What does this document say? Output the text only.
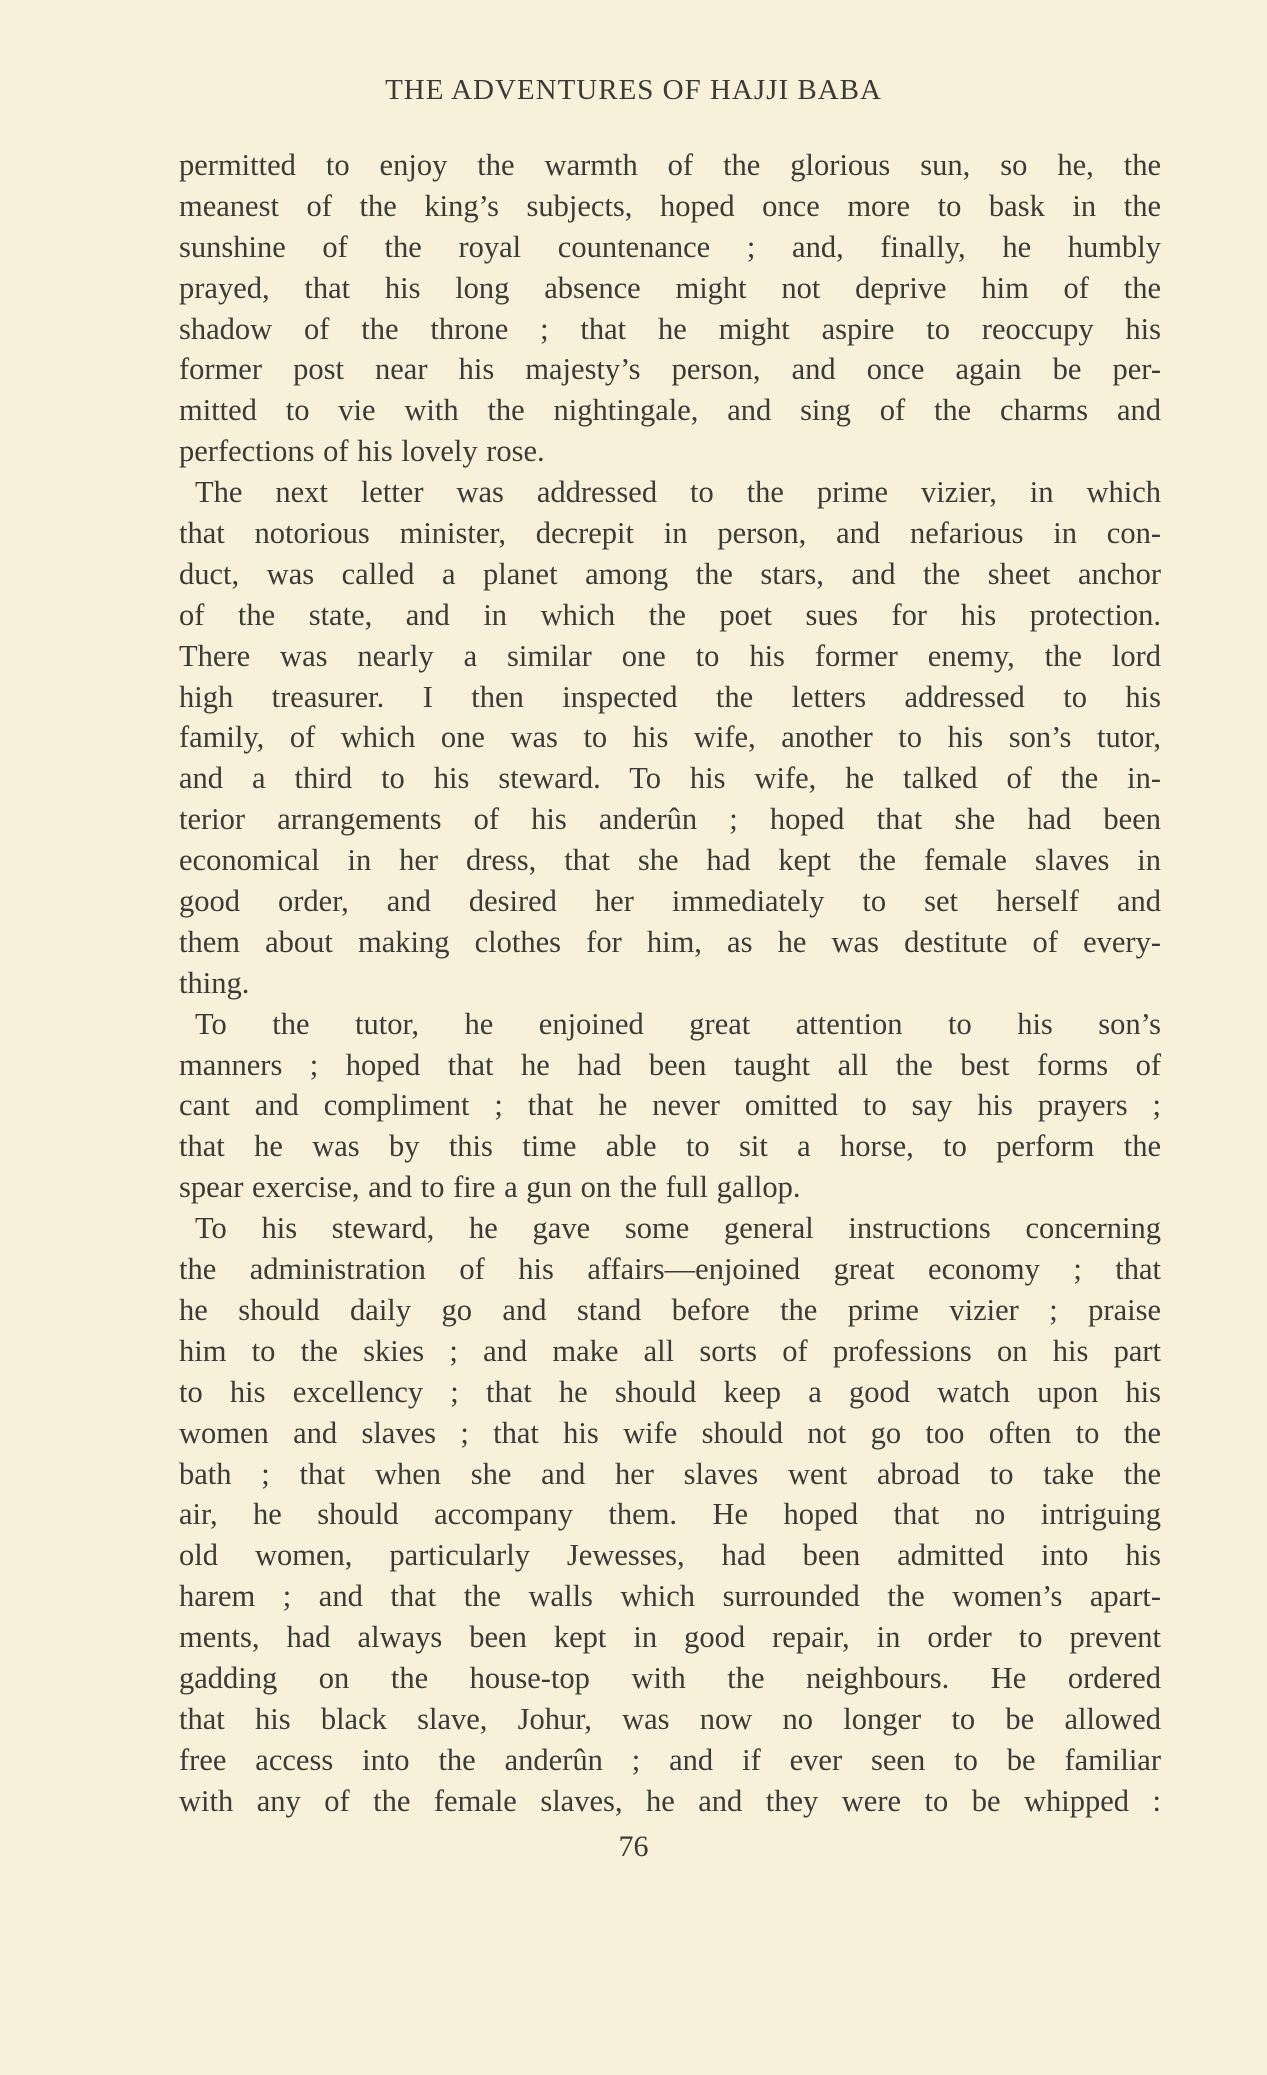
THE ADVENTURES OF HAJJI BABA
permitted to enjoy the warmth of the glorious sun, so he, the
meanest of the king’s subjects, hoped once more to bask in the
sunshine of the royal countenance ; and, finally, he humbly
prayed, that his long absence might not deprive him of the
shadow of the throne ; that he might aspire to reoccupy his
former post near his majesty’s person, and once again be per-
mitted to vie with the nightingale, and sing of the charms and
perfections of his lovely rose.
The next letter was addressed to the prime vizier, in which
that notorious minister, decrepit in person, and nefarious in con-
duct, was called a planet among the stars, and the sheet anchor
of the state, and in which the poet sues for his protection.
There was nearly a similar one to his former enemy, the lord
high treasurer. I then inspected the letters addressed to his
family, of which one was to his wife, another to his son’s tutor,
and a third to his steward. To his wife, he talked of the in-
terior arrangements of his anderûn ; hoped that she had been
economical in her dress, that she had kept the female slaves in
good order, and desired her immediately to set herself and
them about making clothes for him, as he was destitute of every-
thing.
To the tutor, he enjoined great attention to his son’s
manners ; hoped that he had been taught all the best forms of
cant and compliment ; that he never omitted to say his prayers ;
that he was by this time able to sit a horse, to perform the
spear exercise, and to fire a gun on the full gallop.
To his steward, he gave some general instructions concerning
the administration of his affairs—enjoined great economy ; that
he should daily go and stand before the prime vizier ; praise
him to the skies ; and make all sorts of professions on his part
to his excellency ; that he should keep a good watch upon his
women and slaves ; that his wife should not go too often to the
bath ; that when she and her slaves went abroad to take the
air, he should accompany them. He hoped that no intriguing
old women, particularly Jewesses, had been admitted into his
harem ; and that the walls which surrounded the women’s apart-
ments, had always been kept in good repair, in order to prevent
gadding on the house-top with the neighbours. He ordered
that his black slave, Johur, was now no longer to be allowed
free access into the anderûn ; and if ever seen to be familiar
with any of the female slaves, he and they were to be whipped :
76
